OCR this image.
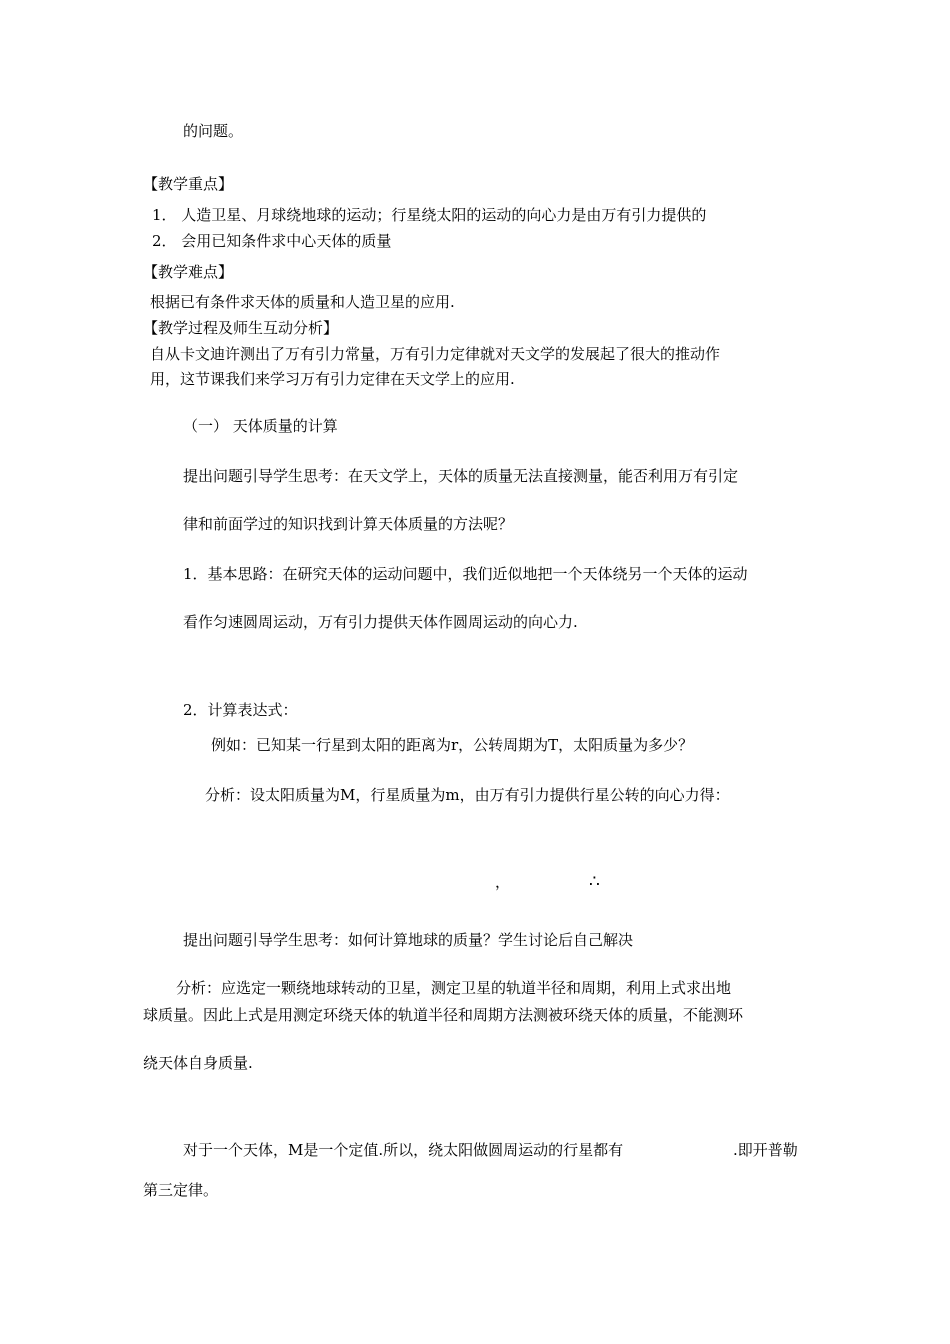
的问题。
【教学重点】
1． 人造卫星、月球绕地球的运动；行星绕太阳的运动的向心力是由万有引力提供的
2． 会用已知条件求中心天体的质量
【教学难点】
根据已有条件求天体的质量和人造卫星的应用.
【教学过程及师生互动分析】
自从卡文迪许测出了万有引力常量，万有引力定律就对天文学的发展起了很大的推动作
用，这节课我们来学习万有引力定律在天文学上的应用.
（一） 天体质量的计算
提出问题引导学生思考：在天文学上，天体的质量无法直接测量，能否利用万有引定
律和前面学过的知识找到计算天体质量的方法呢？
1．基本思路：在研究天体的运动问题中，我们近似地把一个天体绕另一个天体的运动
看作匀速圆周运动，万有引力提供天体作圆周运动的向心力.
2．计算表达式：
例如：已知某一行星到太阳的距离为r，公转周期为T，太阳质量为多少？
分析：设太阳质量为M，行星质量为m，由万有引力提供行星公转的向心力得：
，	∴
提出问题引导学生思考：如何计算地球的质量？学生讨论后自己解决
分析：应选定一颗绕地球转动的卫星，测定卫星的轨道半径和周期，利用上式求出地
球质量。因此上式是用测定环绕天体的轨道半径和周期方法测被环绕天体的质量，不能测环
绕天体自身质量.
对于一个天体，M是一个定值.所以，绕太阳做圆周运动的行星都有	.即开普勒
第三定律。
